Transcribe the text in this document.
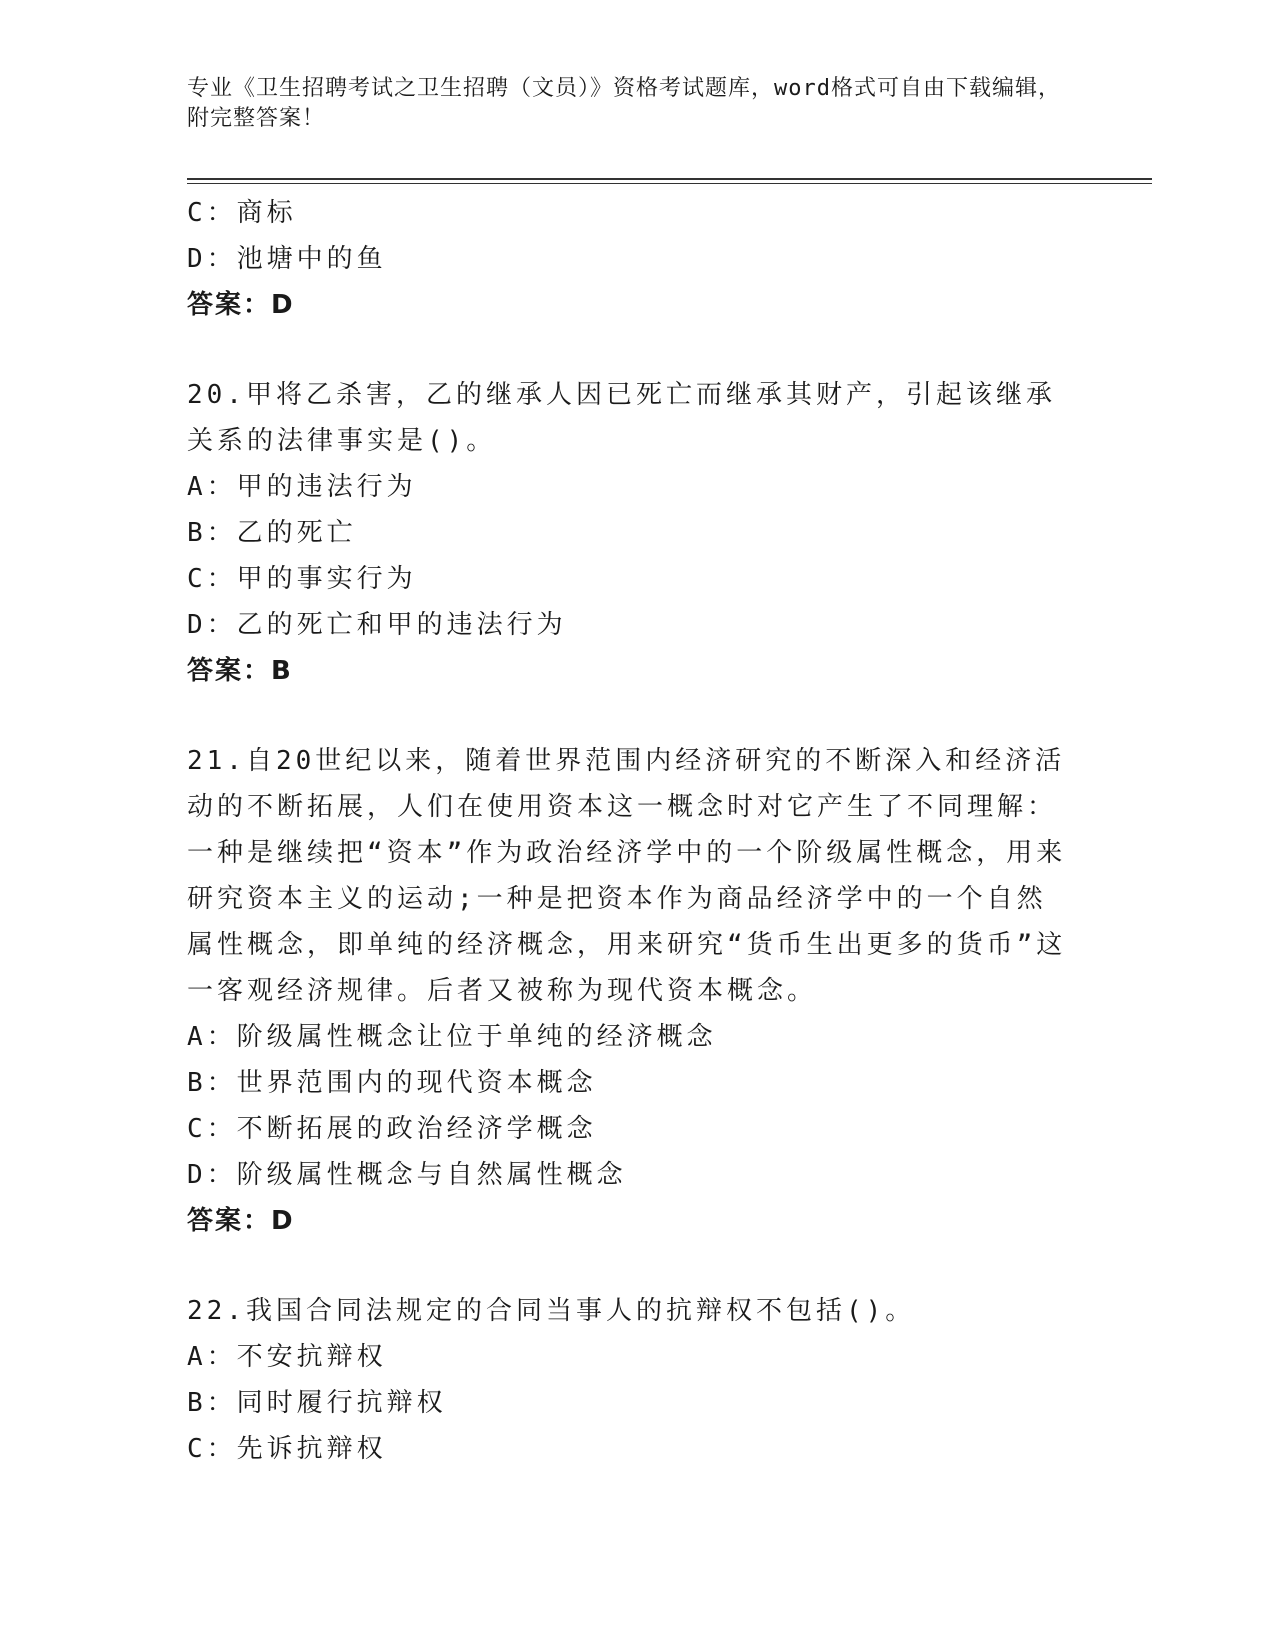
专业《卫生招聘考试之卫生招聘（文员）》资格考试题库，word格式可自由下载编辑，附完整答案！
C：商标
D：池塘中的鱼
答案：D
20.甲将乙杀害，乙的继承人因已死亡而继承其财产，引起该继承关系的法律事实是()。
A：甲的违法行为
B：乙的死亡
C：甲的事实行为
D：乙的死亡和甲的违法行为
答案：B
21.自20世纪以来，随着世界范围内经济研究的不断深入和经济活动的不断拓展，人们在使用资本这一概念时对它产生了不同理解：一种是继续把“资本”作为政治经济学中的一个阶级属性概念，用来研究资本主义的运动;一种是把资本作为商品经济学中的一个自然属性概念，即单纯的经济概念，用来研究“货币生出更多的货币”这一客观经济规律。后者又被称为现代资本概念。
A：阶级属性概念让位于单纯的经济概念
B：世界范围内的现代资本概念
C：不断拓展的政治经济学概念
D：阶级属性概念与自然属性概念
答案：D
22.我国合同法规定的合同当事人的抗辩权不包括()。
A：不安抗辩权
B：同时履行抗辩权
C：先诉抗辩权
